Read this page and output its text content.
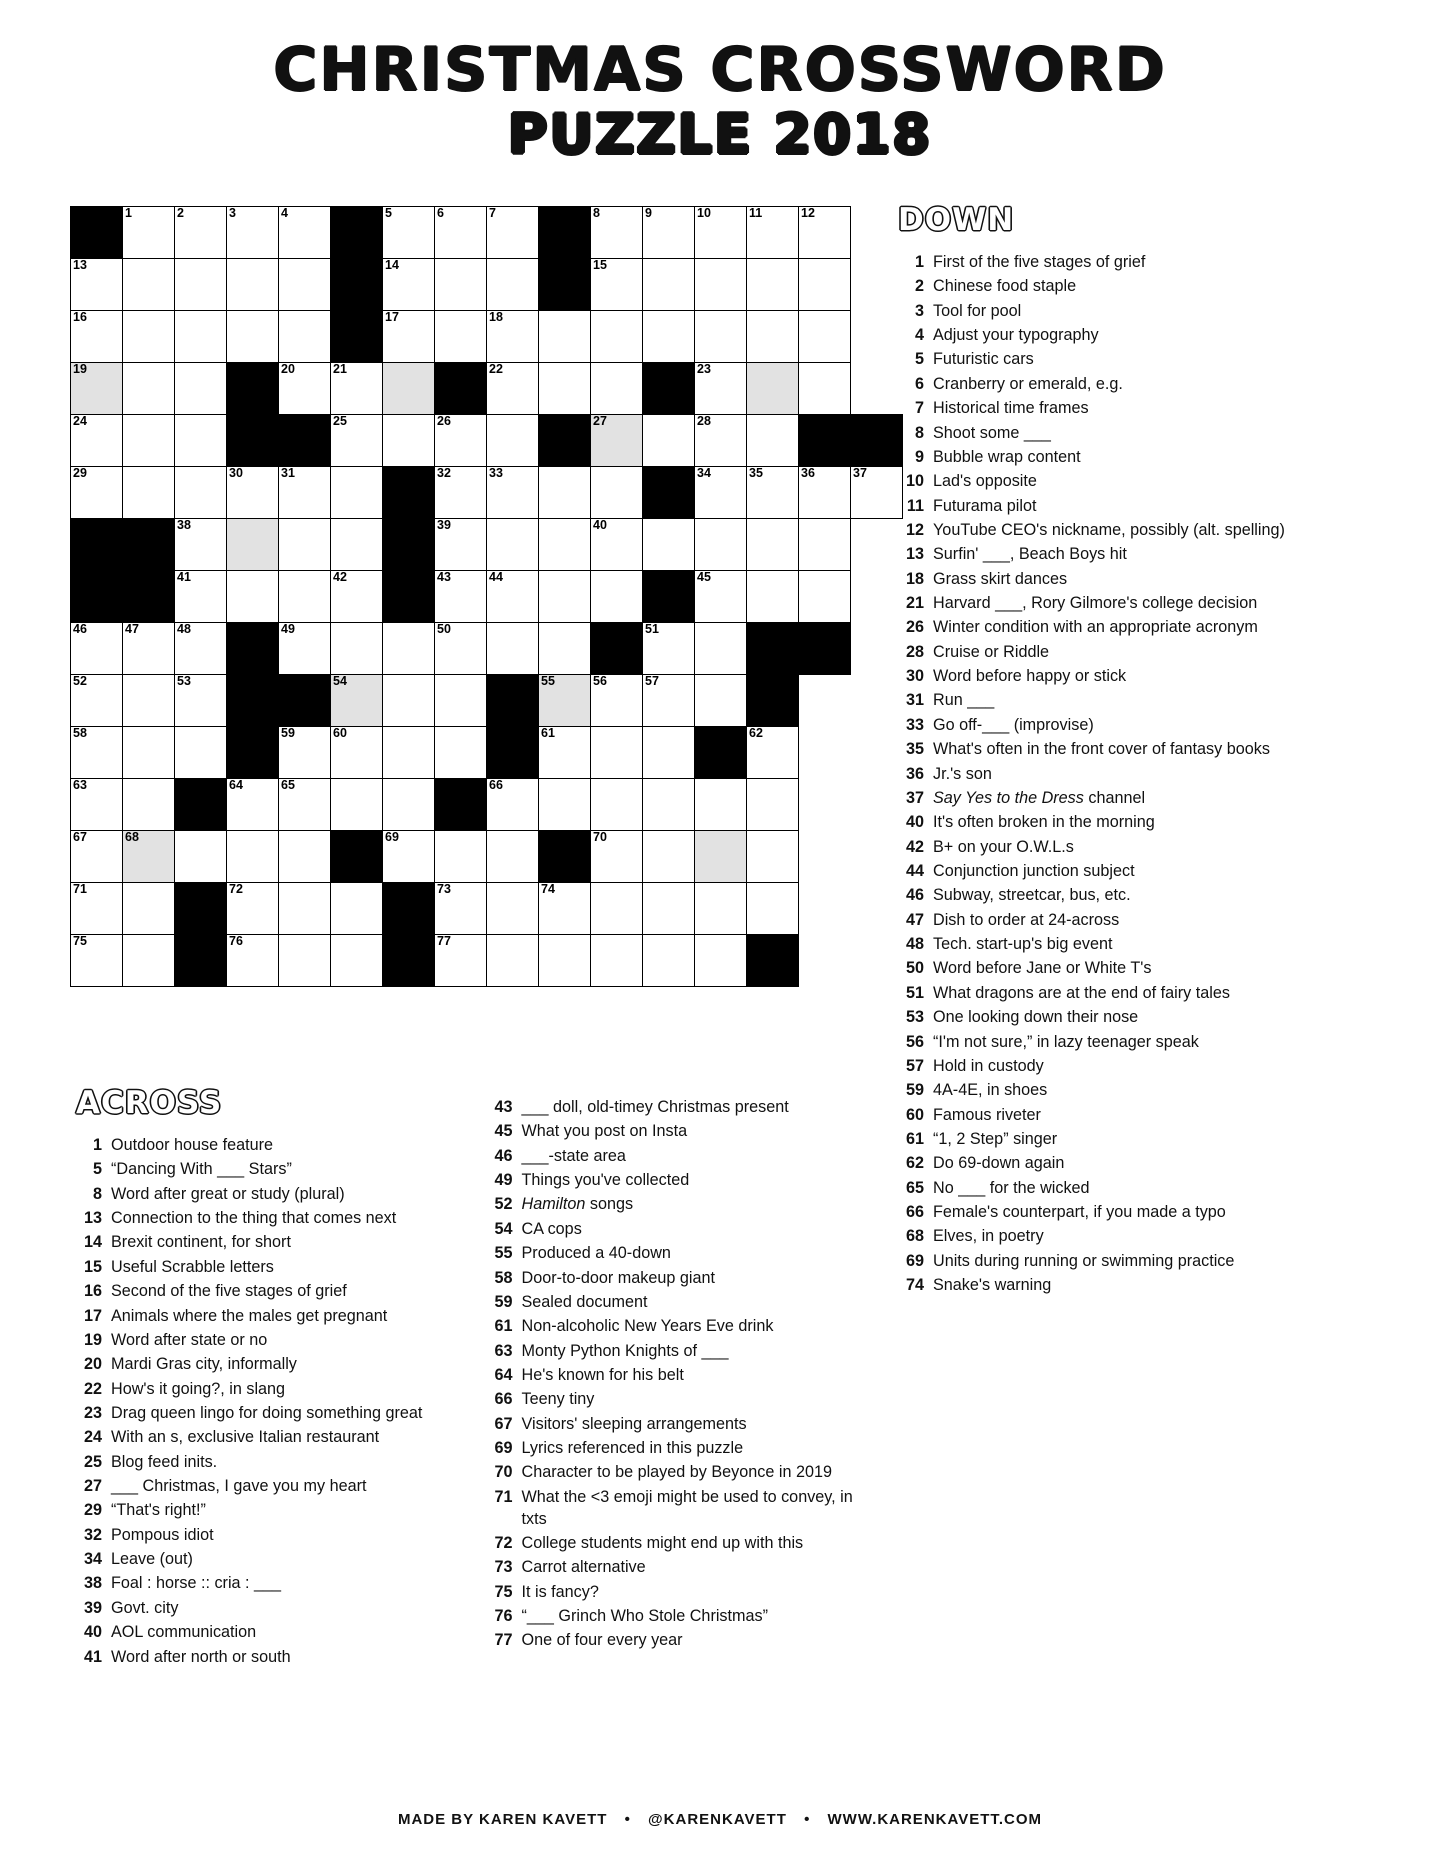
CHRISTMAS CROSSWORD
PUZZLE 2018

	1	2	3	4		5	6	7		8	9	10	11	12	

13						14				15					

16						17		18							

19				20	21			22				23			

24					25		26			27		28			

29			30	31			32	33				34	35	36	37

		38					39			40					

		41			42		43	44				45			

46	47	48		49			50				51				

52		53			54				55	56	57				

58				59	60				61				62		

63			64	65				66							

67	68					69				70					

71			72				73		74						

75			76				77								

DOWN
1 First of the five stages of grief
2 Chinese food staple
3 Tool for pool
4 Adjust your typography
5 Futuristic cars
6 Cranberry or emerald, e.g.
7 Historical time frames
8 Shoot some ___
9 Bubble wrap content
10 Lad's opposite
11 Futurama pilot
12 YouTube CEO's nickname, possibly (alt. spelling)
13 Surfin' ___, Beach Boys hit
18 Grass skirt dances
21 Harvard ___, Rory Gilmore's college decision
26 Winter condition with an appropriate acronym
28 Cruise or Riddle
30 Word before happy or stick
31 Run ___
33 Go off-___ (improvise)
35 What's often in the front cover of fantasy books
36 Jr.'s son
37 Say Yes to the Dress channel
40 It's often broken in the morning
42 B+ on your O.W.L.s
44 Conjunction junction subject
46 Subway, streetcar, bus, etc.
47 Dish to order at 24-across
48 Tech. start-up's big event
50 Word before Jane or White T's
51 What dragons are at the end of fairy tales
53 One looking down their nose
56 “I'm not sure,” in lazy teenager speak
57 Hold in custody
59 4A-4E, in shoes
60 Famous riveter
61 “1, 2 Step” singer
62 Do 69-down again
65 No ___ for the wicked
66 Female's counterpart, if you made a typo
68 Elves, in poetry
69 Units during running or swimming practice
74 Snake's warning
ACROSS
1 Outdoor house feature
5 “Dancing With ___ Stars”
8 Word after great or study (plural)
13 Connection to the thing that comes next
14 Brexit continent, for short
15 Useful Scrabble letters
16 Second of the five stages of grief
17 Animals where the males get pregnant
19 Word after state or no
20 Mardi Gras city, informally
22 How's it going?, in slang
23 Drag queen lingo for doing something great
24 With an s, exclusive Italian restaurant
25 Blog feed inits.
27 ___ Christmas, I gave you my heart
29 “That's right!”
32 Pompous idiot
34 Leave (out)
38 Foal : horse :: cria : ___
39 Govt. city
40 AOL communication
41 Word after north or south
43 ___ doll, old-timey Christmas present
45 What you post on Insta
46 ___-state area
49 Things you've collected
52 Hamilton songs
54 CA cops
55 Produced a 40-down
58 Door-to-door makeup giant
59 Sealed document
61 Non-alcoholic New Years Eve drink
63 Monty Python Knights of ___
64 He's known for his belt
66 Teeny tiny
67 Visitors' sleeping arrangements
69 Lyrics referenced in this puzzle
70 Character to be played by Beyonce in 2019
71 What the <3 emoji might be used to convey, in txts
72 College students might end up with this
73 Carrot alternative
75 It is fancy?
76 “___ Grinch Who Stole Christmas”
77 One of four every year
MADE BY KAREN KAVETT • @KARENKAVETT • WWW.KARENKAVETT.COM
